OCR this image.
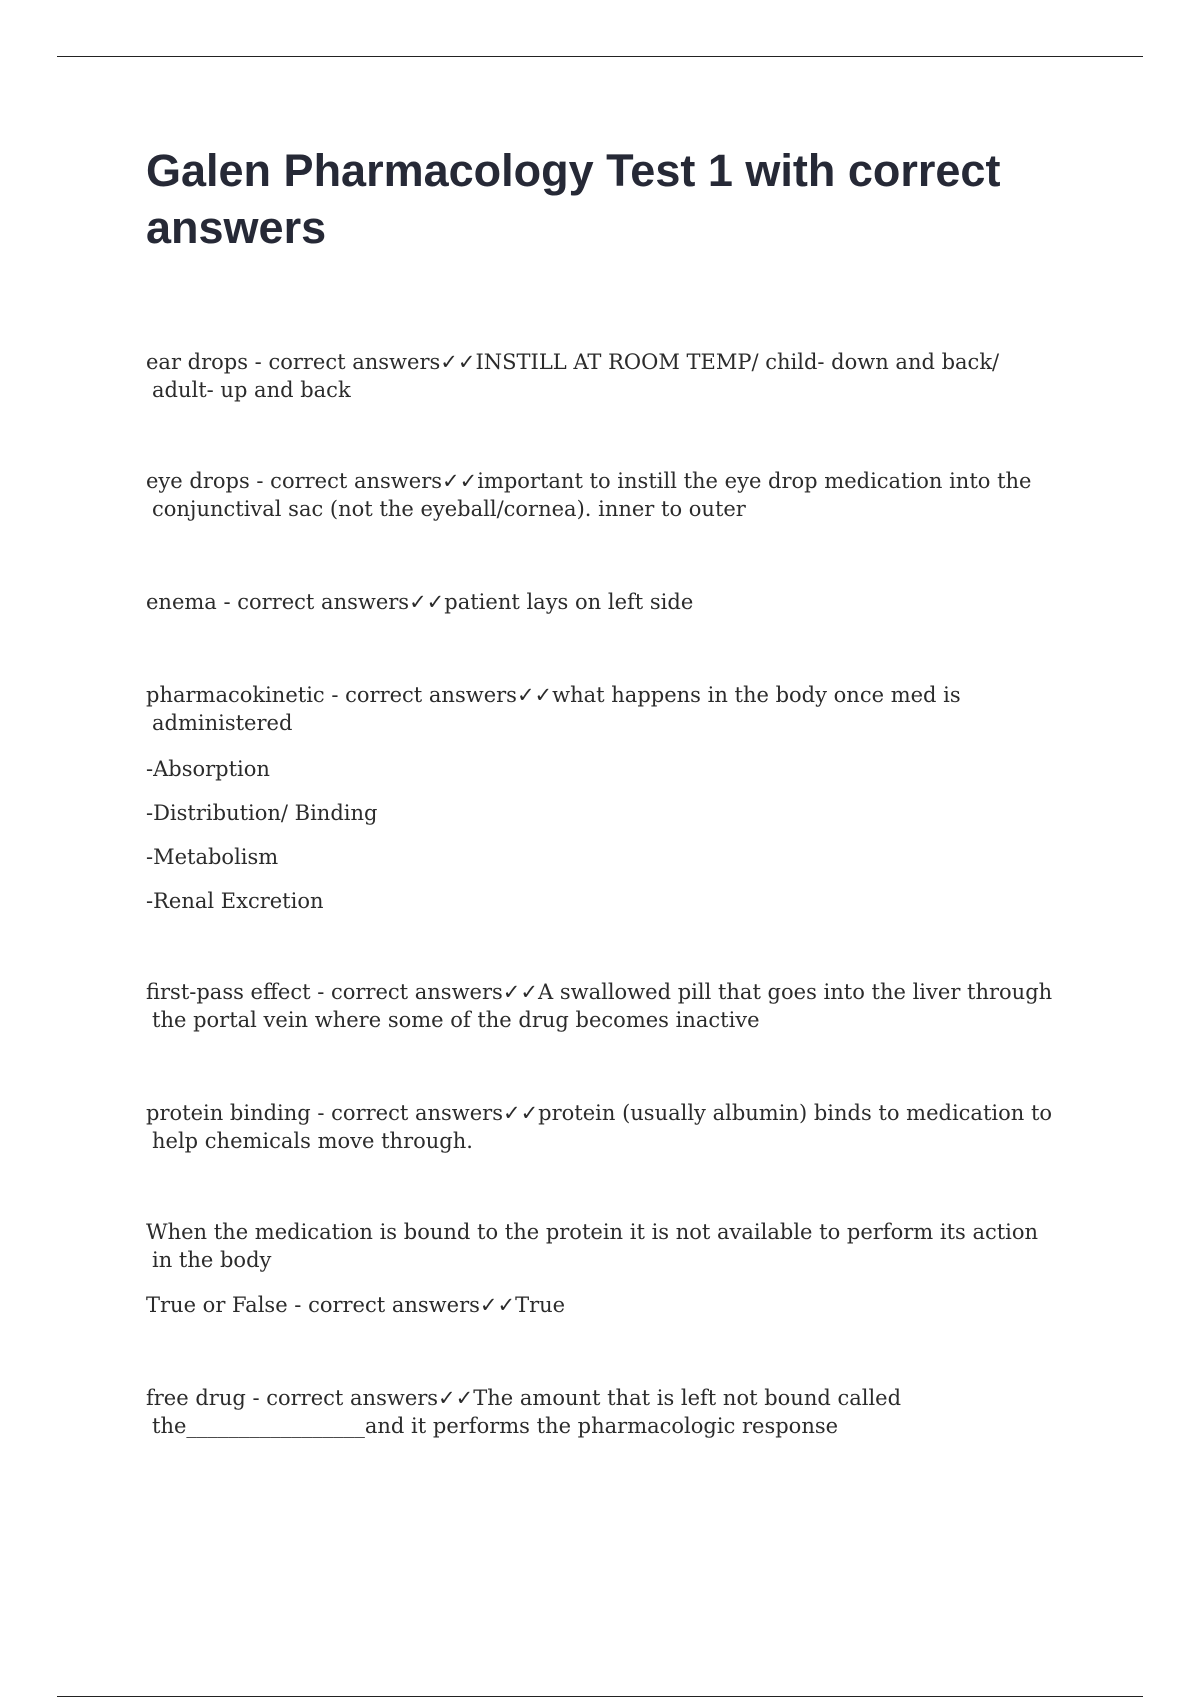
Galen Pharmacology Test 1 with correct answers
ear drops - correct answers✓✓INSTILL AT ROOM TEMP/ child- down and back/
adult- up and back
eye drops - correct answers✓✓important to instill the eye drop medication into the
conjunctival sac (not the eyeball/cornea). inner to outer
enema - correct answers✓✓patient lays on left side
pharmacokinetic - correct answers✓✓what happens in the body once med is
administered
-Absorption
-Distribution/ Binding
-Metabolism
-Renal Excretion
first-pass effect - correct answers✓✓A swallowed pill that goes into the liver through
the portal vein where some of the drug becomes inactive
protein binding - correct answers✓✓protein (usually albumin) binds to medication to
help chemicals move through.
When the medication is bound to the protein it is not available to perform its action
in the body
True or False - correct answers✓✓True
free drug - correct answers✓✓The amount that is left not bound called
the_________________and it performs the pharmacologic response
